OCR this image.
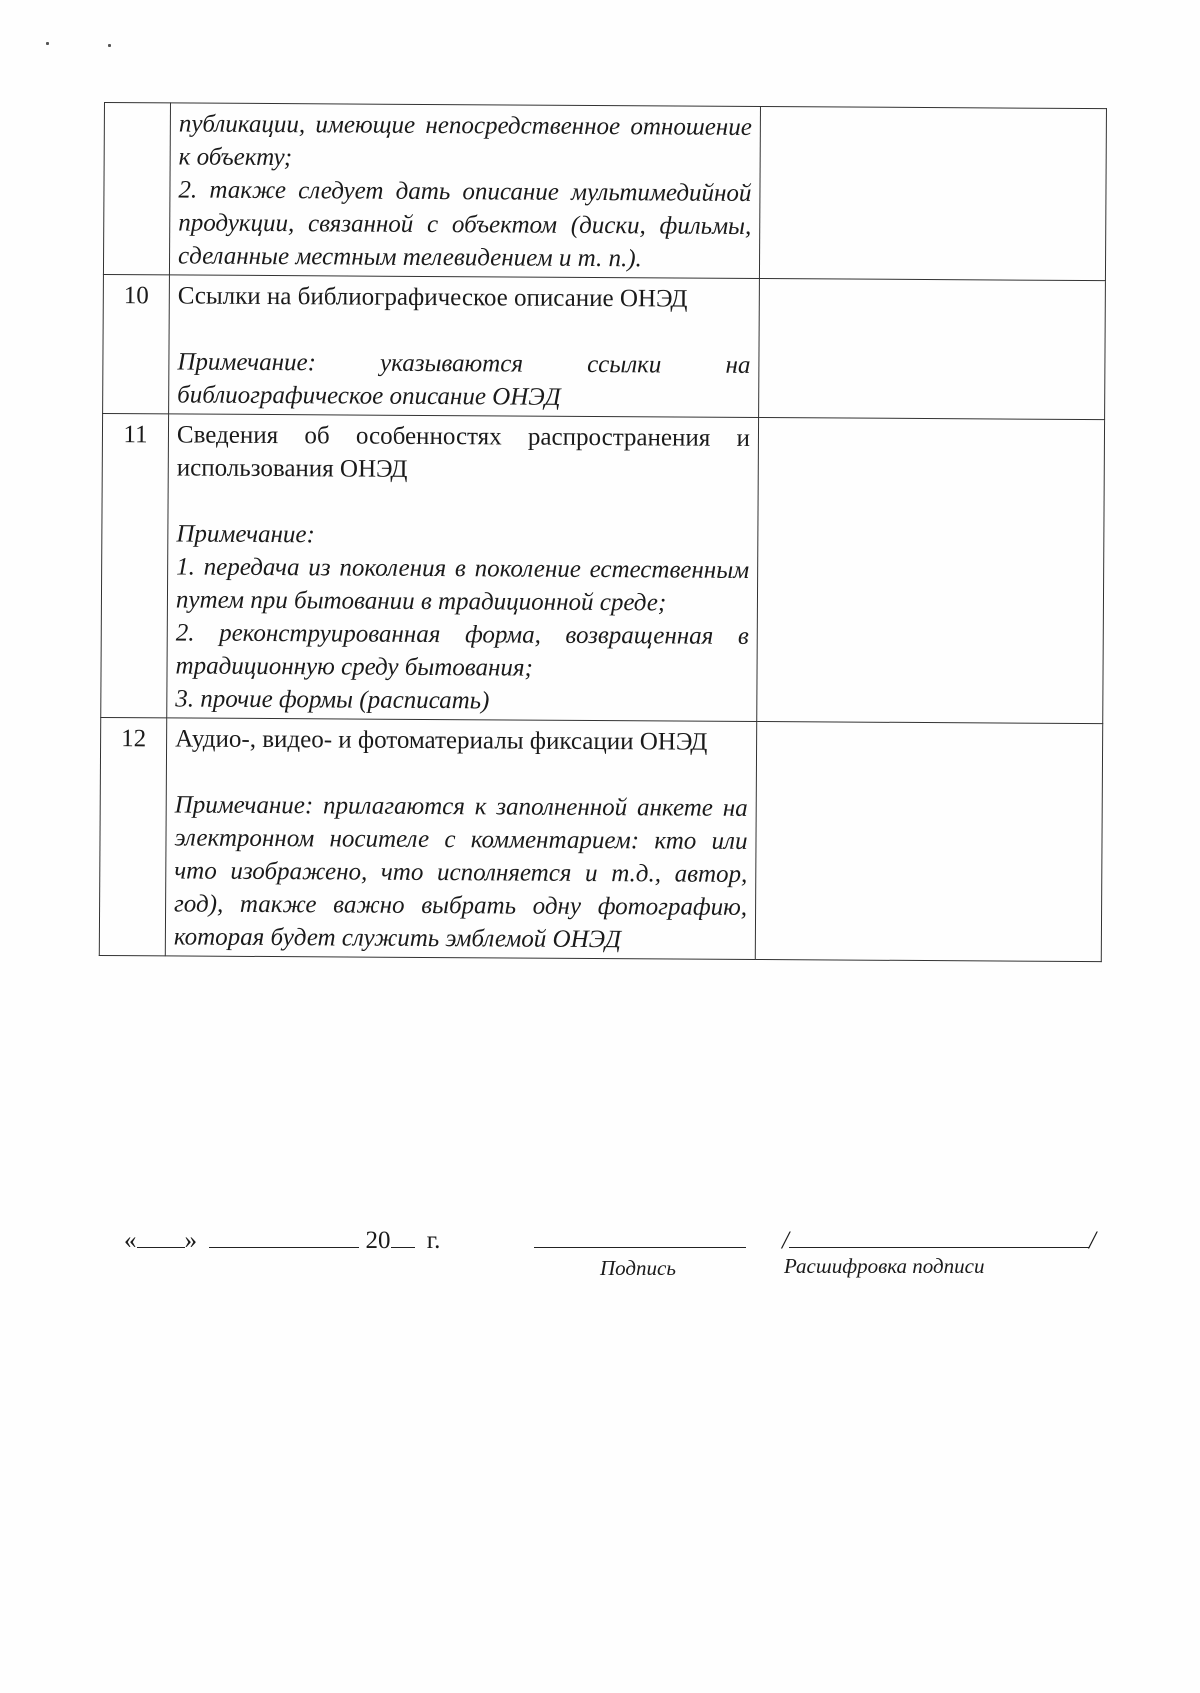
	публикации, имеющие непосредственное отношение к объекту;

2. также следует дать описание мультимедийной продукции, связанной с объектом (диски, фильмы, сделанные местным телевидением и т. п.).	

10	Ссылки на библиографическое описание ОНЭД

Примечание: указываются ссылки на библиографическое описание ОНЭД	

11	Сведения об особенностях распространения и использования ОНЭД

Примечание:

1. передача из поколения в поколение естественным путем при бытовании в традиционной среде;

2. реконструированная форма, возвращенная в традиционную среду бытования;

3. прочие формы (расписать)	

12	Аудио-, видео- и фотоматериалы фиксации ОНЭД

Примечание: прилагаются к заполненной анкете на электронном носителе с комментарием: кто или что изображено, что исполняется и т.д., автор, год), также важно выбрать одну фотографию, которая будет служить эмблемой ОНЭД	

« »	20 г.
Подпись
/	/
Расшифровка подписи
